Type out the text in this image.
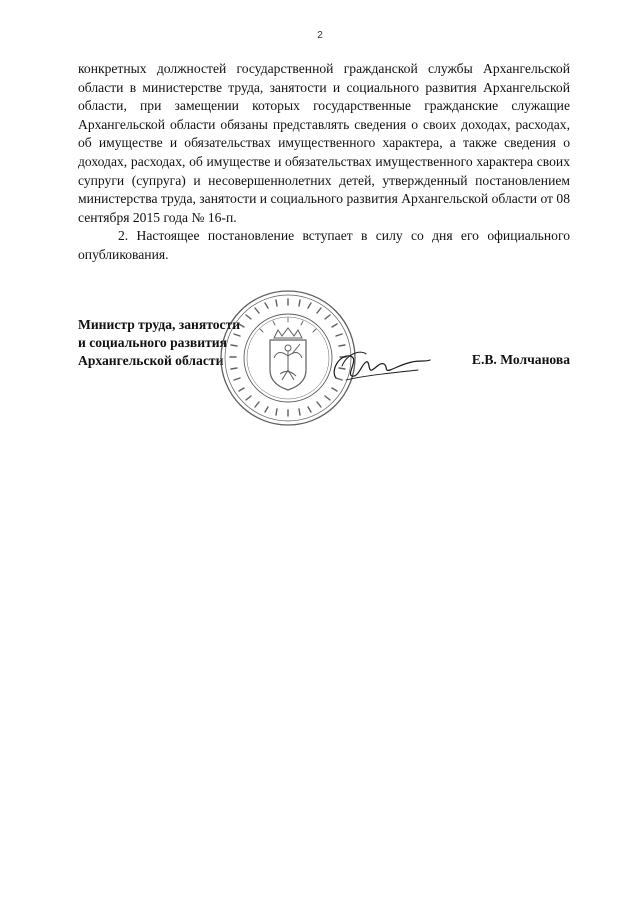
2

конкретных должностей государственной гражданской службы Архангельской области в министерстве труда, занятости и социального развития Архангельской области, при замещении которых государственные гражданские служащие Архангельской области обязаны представлять сведения о своих доходах, расходах, об имуществе и обязательствах имущественного характера, а также сведения о доходах, расходах, об имуществе и обязательствах имущественного характера своих супруги (супруга) и несовершеннолетних детей, утвержденный постановлением министерства труда, занятости и социального развития Архангельской области от 08 сентября 2015 года № 16-п.

2. Настоящее постановление вступает в силу со дня его официального опубликования.

Министр труда, занятости
и социального развития
Архангельской области	Е.В. Молчанова
